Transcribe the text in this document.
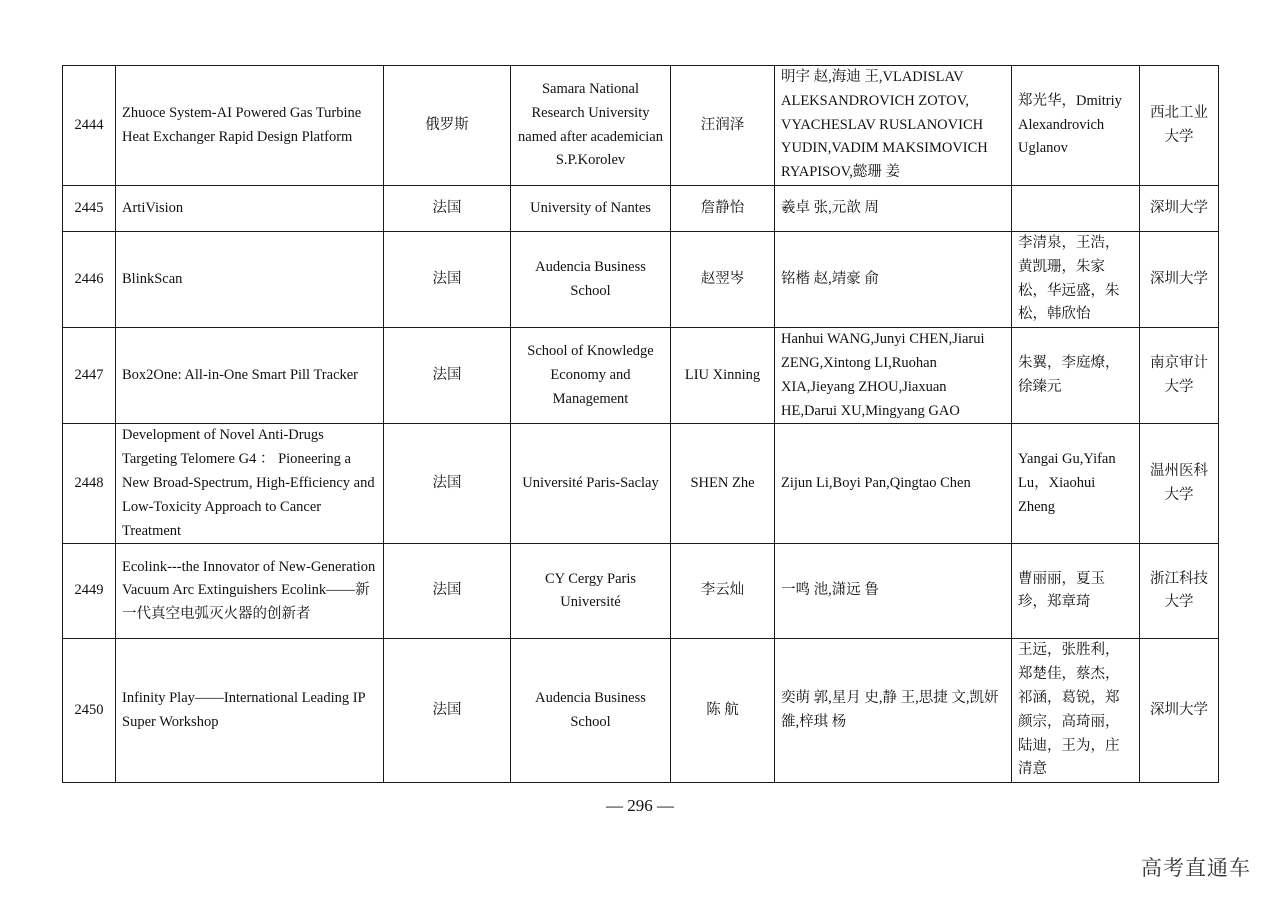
2444	Zhuoce System-AI Powered Gas Turbine Heat Exchanger Rapid Design Platform	俄罗斯	Samara National Research University named after academician S.P.Korolev	汪润泽	明宇 赵,海迪 王,VLADISLAV ALEKSANDROVICH ZOTOV, VYACHESLAV RUSLANOVICH YUDIN,VADIM MAKSIMOVICH RYAPISOV,懿珊 姜	郑光华，Dmitriy Alexandrovich Uglanov	西北工业大学
2445	ArtiVision	法国	University of Nantes	詹静怡	羲卓 张,元歆 周		深圳大学
2446	BlinkScan	法国	Audencia Business School	赵翌岑	铭楷 赵,靖豪 俞	李清泉，王浩，黄凯珊，朱家松，华远盛，朱松，韩欣怡	深圳大学
2447	Box2One: All-in-One Smart Pill Tracker	法国	School of Knowledge Economy and Management	LIU Xinning	Hanhui WANG,Junyi CHEN,Jiarui ZENG,Xintong LI,Ruohan XIA,Jieyang ZHOU,Jiaxuan HE,Darui XU,Mingyang GAO	朱翼，李庭燎，徐臻元	南京审计大学
2448	Development of Novel Anti-Drugs Targeting Telomere G4 ： Pioneering a New Broad-Spectrum, High-Efficiency and Low-Toxicity Approach to Cancer Treatment	法国	Université Paris-Saclay	SHEN Zhe	Zijun Li,Boyi Pan,Qingtao Chen	Yangai Gu,Yifan Lu，Xiaohui Zheng	温州医科大学
2449	Ecolink---the Innovator of New-Generation Vacuum Arc Extinguishers Ecolink——新一代真空电弧灭火器的创新者	法国	CY Cergy Paris Université	李云灿	一鸣 池,潇远 鲁	曹丽丽，夏玉珍，郑章琦	浙江科技大学
2450	Infinity Play——International Leading IP Super Workshop	法国	Audencia Business School	陈 航	奕萌 郭,星月 史,静 王,思捷 文,凯妍 雒,梓琪 杨	王远，张胜利，郑楚佳，蔡杰，祁涵，葛锐，郑颜宗，高琦丽，陆迪，王为，庄清意	深圳大学
— 296 —
高考直通车
